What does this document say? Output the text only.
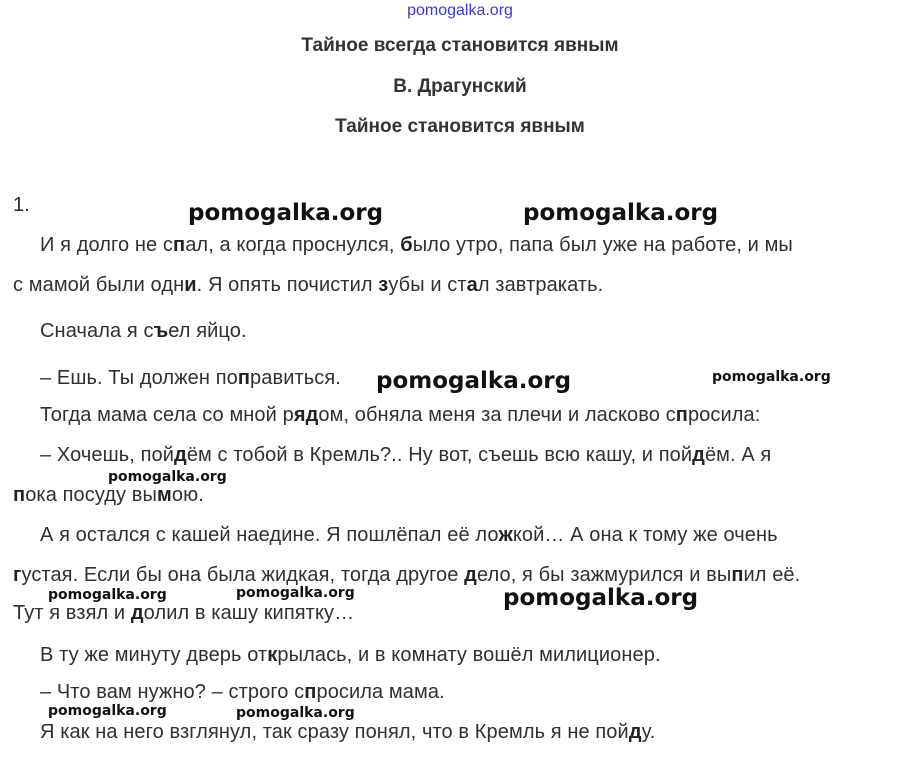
pomogalka.org
Тайное всегда становится явным
В. Драгунский
Тайное становится явным
1.
И я долго не спал, а когда проснулся, было утро, папа был уже на работе, и мы
с мамой были одни. Я опять почистил зубы и стал завтракать.
Сначала я съел яйцо.
– Ешь. Ты должен поправиться.
Тогда мама села со мной рядом, обняла меня за плечи и ласково спросила:
– Хочешь, пойдём с тобой в Кремль?.. Ну вот, съешь всю кашу, и пойдём. А я
пока посуду вымою.
А я остался с кашей наедине. Я пошлёпал её ложкой… А она к тому же очень
густая. Если бы она была жидкая, тогда другое дело, я бы зажмурился и выпил её.
Тут я взял и долил в кашу кипятку…
В ту же минуту дверь открылась, и в комнату вошёл милиционер.
– Что вам нужно? – строго спросила мама.
Я как на него взглянул, так сразу понял, что в Кремль я не пойду.
pomogalka.org	pomogalka.org
pomogalka.org	pomogalka.org
pomogalka.org
pomogalka.org	pomogalka.org	pomogalka.org
pomogalka.org	pomogalka.org
